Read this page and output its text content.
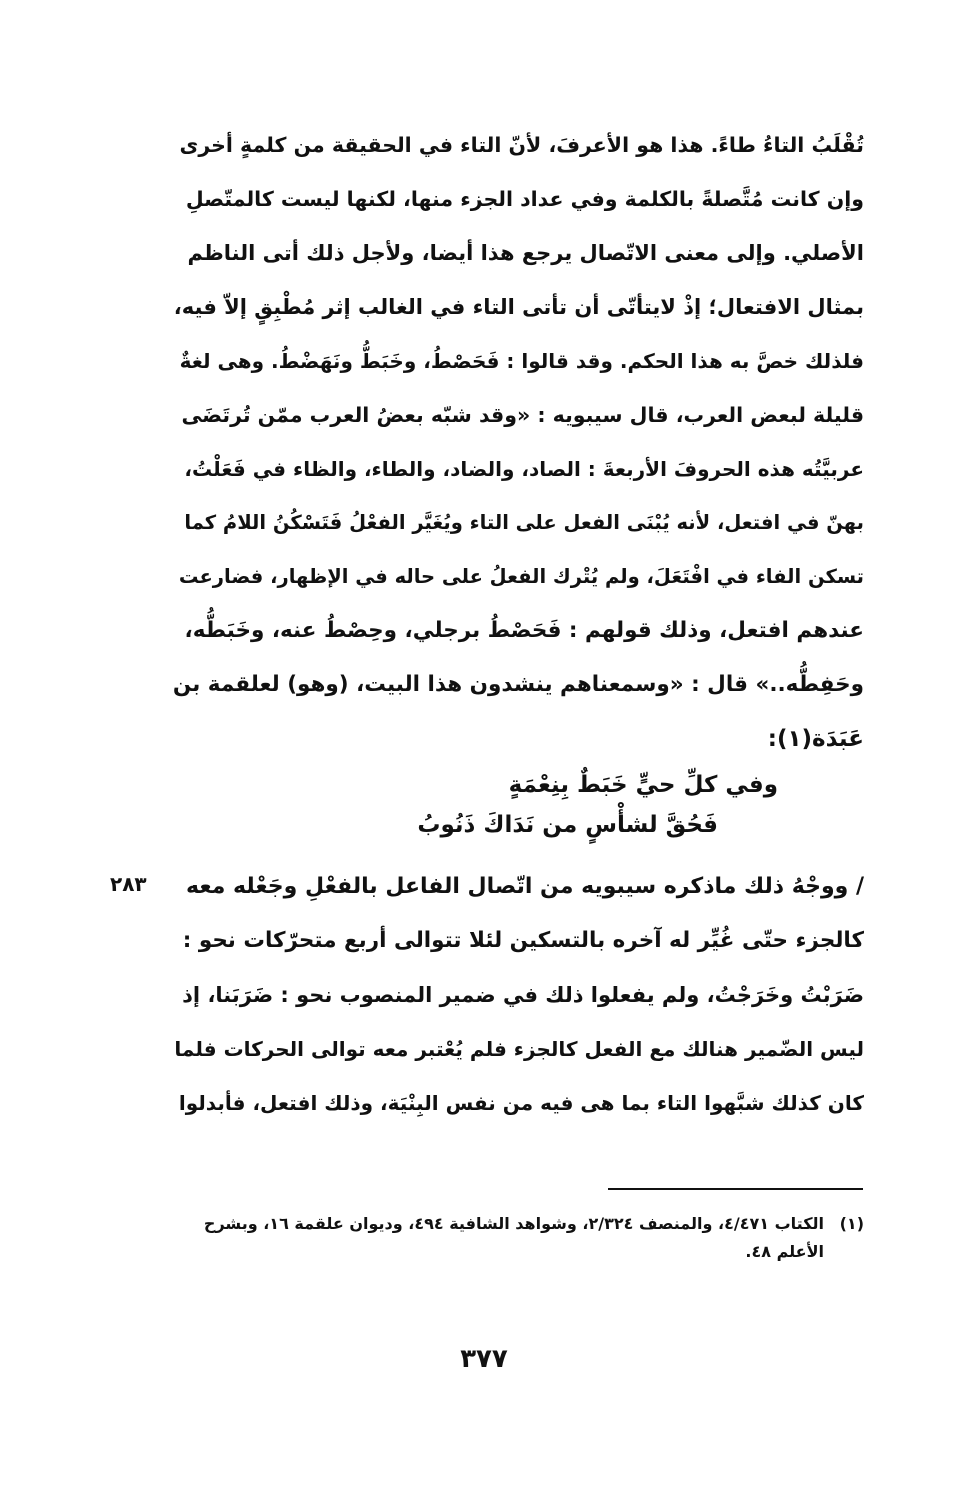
تُقْلَبُ التاءُ طاءً. هذا هو الأعرفَ، لأنّ التاء في الحقيقة من كلمةٍ أخرى
وإن كانت مُتَّصلةً بالكلمة وفي عداد الجزء منها، لكنها ليست كالمتّصلِ
الأصلي. وإلى معنى الاتّصال يرجع هذا أيضا، ولأجل ذلك أتى الناظم
بمثال الافتعال؛ إذْ لايتأتّى أن تأتى التاء في الغالب إثر مُطْبِقٍ إلاّ فيه،
فلذلك خصَّ به هذا الحكم. وقد قالوا : فَحَصْطُ، وخَبَطُّ ونَهَضْطُ. وهى لغةٌ
قليلة لبعض العرب، قال سيبويه : «وقد شبّه بعضُ العرب ممّن تُرتَضَى
عربيَّتُه هذه الحروفَ الأربعةَ : الصاد، والضاد، والطاء، والظاء في فَعَلْتُ،
بهنّ في افتعل، لأنه يُبْنَى الفعل على التاء ويُغَيَّر الفعْلُ فَتَسْكُنُ اللامُ كما
تسكن الفاء في افْتَعَلَ، ولم يُتْرك الفعلُ على حاله في الإظهار، فضارعت
عندهم افتعل، وذلك قولهم : فَحَصْطُ برجلي، وحِصْطُ عنه، وخَبَطُّه،
وحَفِطُّه..» قال : «وسمعناهم ينشدون هذا البيت، (وهو) لعلقمة بن
عَبَدَة(١):
وفي كلِّ حيٍّ خَبَطٌ بِنِعْمَةٍ
فَحُقَّ لشأْسٍ من نَدَاكَ ذَنُوبُ
٢٨٣	/ ووجْهُ ذلك ماذكره سيبويه من اتّصال الفاعل بالفعْلِ وجَعْله معه
كالجزء حتّى غُيِّر له آخره بالتسكين لئلا تتوالى أربع متحرّكات نحو :
ضَرَبْتُ وخَرَجْتُ، ولم يفعلوا ذلك في ضمير المنصوب نحو : ضَرَبَنا، إذ
ليس الضّمير هنالك مع الفعل كالجزء فلم يُعْتبر معه توالى الحركات فلما
كان كذلك شبَّهوا التاء بما هى فيه من نفس البِنْيَة، وذلك افتعل، فأبدلوا
(١)الكتاب ٤/٤٧١، والمنصف ٢/٣٢٤، وشواهد الشافية ٤٩٤، وديوان علقمة ١٦، وبشرح
الأعلم ٤٨.
٣٧٧
